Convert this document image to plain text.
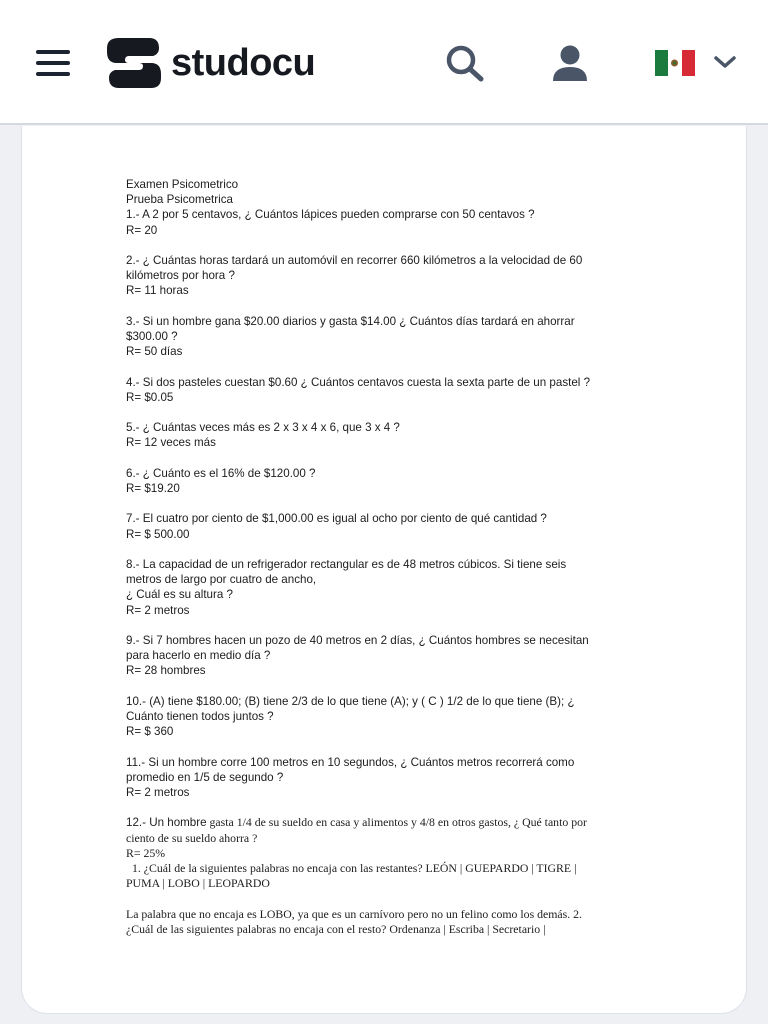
studocu

Examen Psicometrico

Prueba Psicometrica

1.- A 2 por 5 centavos, ¿ Cuántos lápices pueden comprarse con 50 centavos ?

R= 20

2.- ¿ Cuántas horas tardará un automóvil en recorrer 660 kilómetros a la velocidad de 60

kilómetros por hora ?

R= 11 horas

3.- Si un hombre gana $20.00 diarios y gasta $14.00 ¿ Cuántos días tardará en ahorrar

$300.00 ?

R= 50 días

4.- Si dos pasteles cuestan $0.60 ¿ Cuántos centavos cuesta la sexta parte de un pastel ?

R= $0.05

5.- ¿ Cuántas veces más es 2 x 3 x 4 x 6, que 3 x 4 ?

R= 12 veces más

6.- ¿ Cuánto es el 16% de $120.00 ?

R= $19.20

7.- El cuatro por ciento de $1,000.00 es igual al ocho por ciento de qué cantidad ?

R= $ 500.00

8.- La capacidad de un refrigerador rectangular es de 48 metros cúbicos. Si tiene seis

metros de largo por cuatro de ancho,

¿ Cuál es su altura ?

R= 2 metros

9.- Si 7 hombres hacen un pozo de 40 metros en 2 días, ¿ Cuántos hombres se necesitan

para hacerlo en medio día ?

R= 28 hombres

10.- (A) tiene $180.00; (B) tiene 2/3 de lo que tiene (A); y ( C ) 1/2 de lo que tiene (B); ¿

Cuánto tienen todos juntos ?

R= $ 360

11.- Si un hombre corre 100 metros en 10 segundos, ¿ Cuántos metros recorrerá como

promedio en 1/5 de segundo ?

R= 2 metros

12.- Un hombre gasta 1/4 de su sueldo en casa y alimentos y 4/8 en otros gastos, ¿ Qué tanto por

ciento de su sueldo ahorra ?

R= 25%

1. ¿Cuál de la siguientes palabras no encaja con las restantes? LEÓN | GUEPARDO | TIGRE |

PUMA | LOBO | LEOPARDO

La palabra que no encaja es LOBO, ya que es un carnívoro pero no un felino como los demás. 2.

¿Cuál de las siguientes palabras no encaja con el resto? Ordenanza | Escriba | Secretario |
